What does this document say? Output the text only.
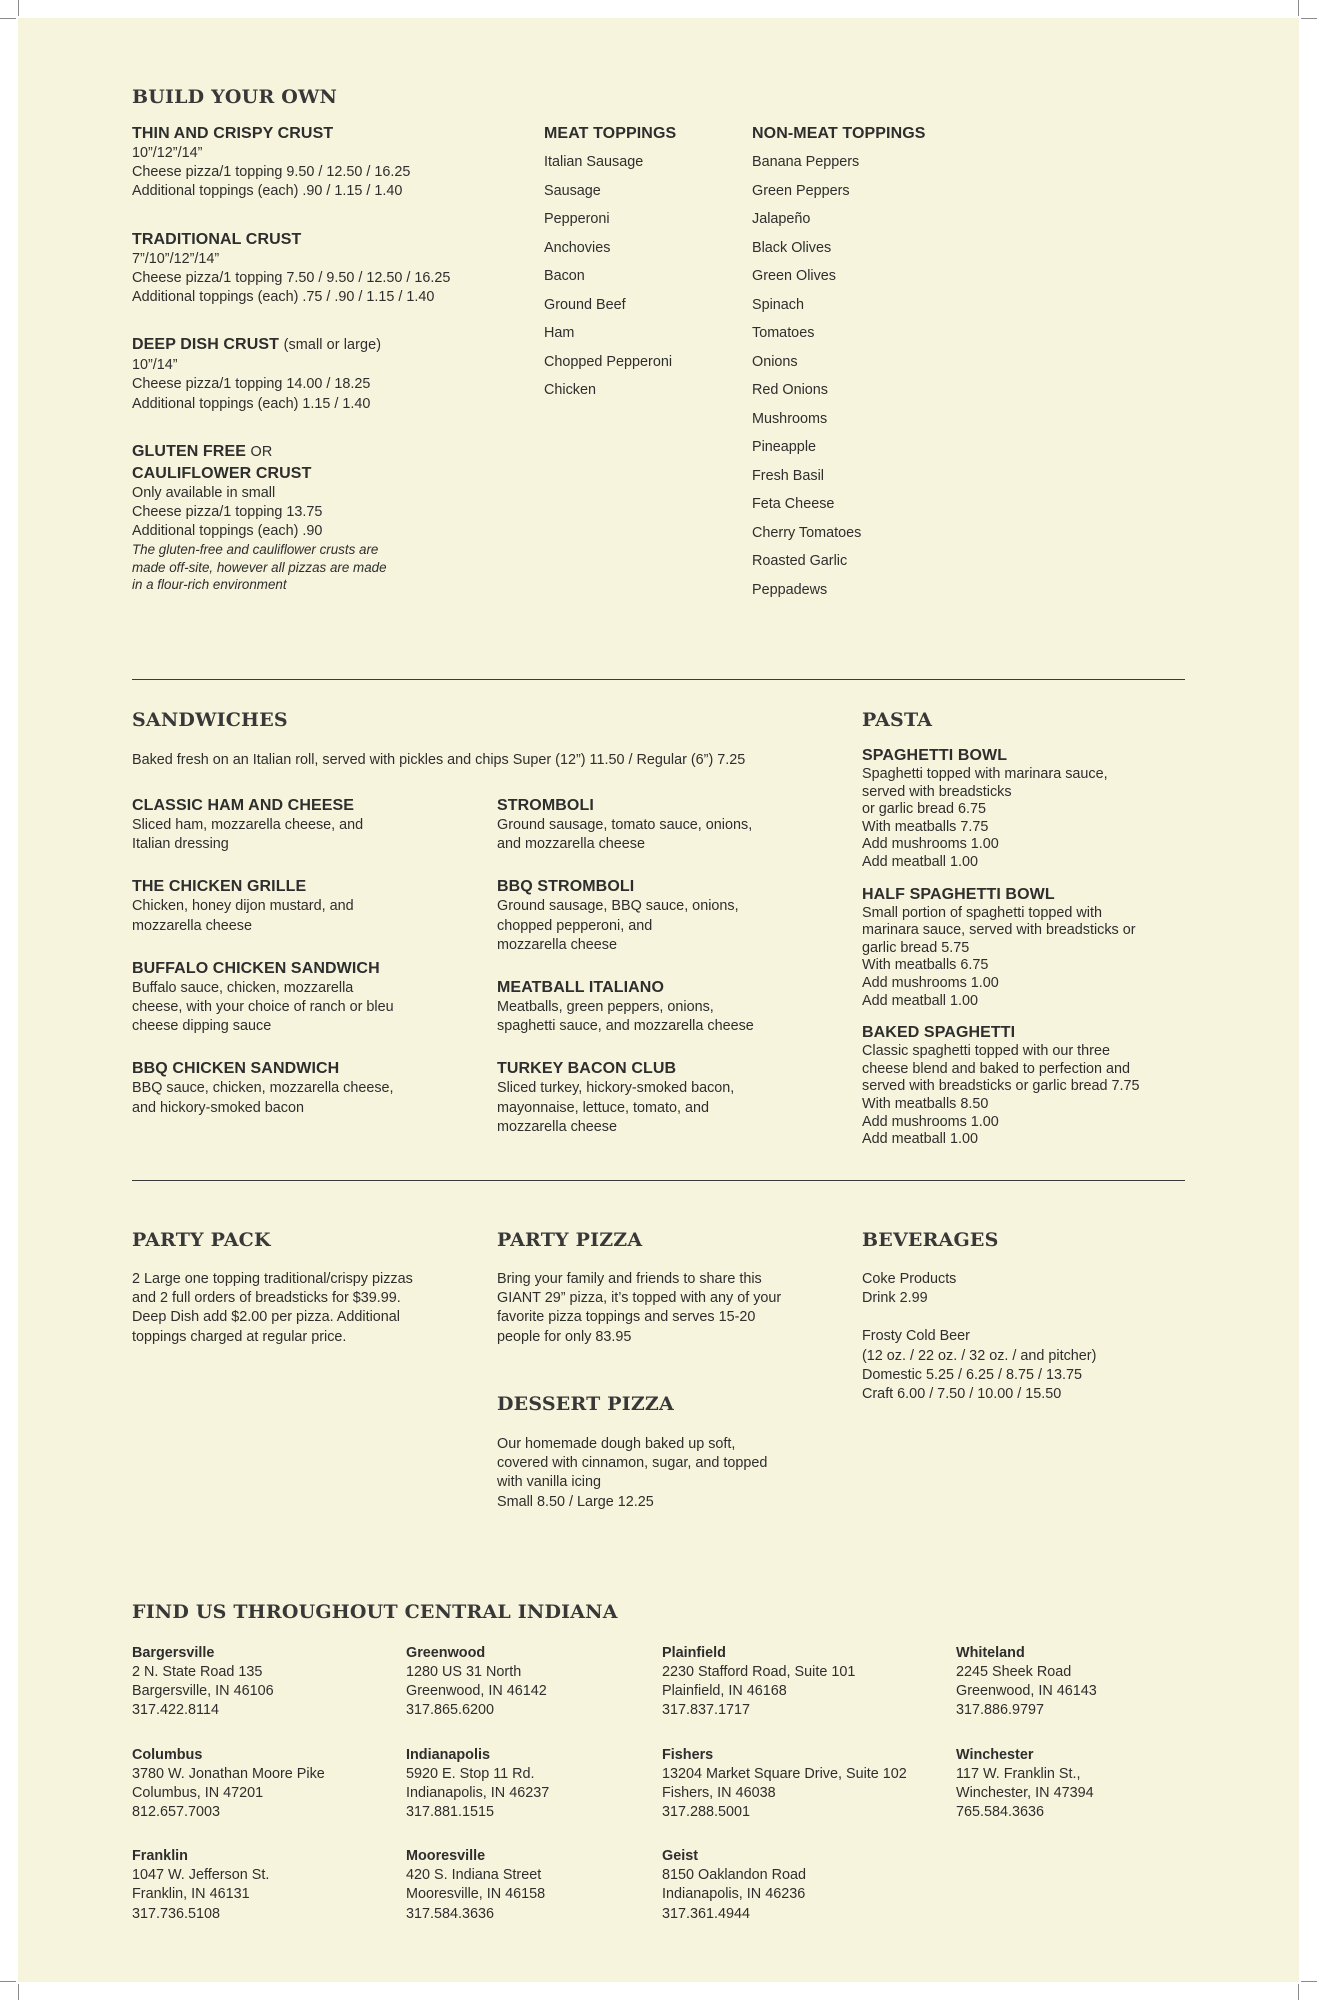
BUILD YOUR OWN
THIN AND CRISPY CRUST
10”/12”/14”
Cheese pizza/1 topping 9.50 / 12.50 / 16.25
Additional toppings (each) .90 / 1.15 / 1.40
TRADITIONAL CRUST
7”/10”/12”/14”
Cheese pizza/1 topping 7.50 / 9.50 / 12.50 / 16.25
Additional toppings (each) .75 / .90 / 1.15 / 1.40
DEEP DISH CRUST (small or large)
10”/14”
Cheese pizza/1 topping 14.00 / 18.25
Additional toppings (each) 1.15 / 1.40
GLUTEN FREE OR
CAULIFLOWER CRUST
Only available in small
Cheese pizza/1 topping 13.75
Additional toppings (each) .90
The gluten-free and cauliflower crusts are
made off-site, however all pizzas are made
in a flour-rich environment
MEAT TOPPINGS
Italian Sausage
Sausage
Pepperoni
Anchovies
Bacon
Ground Beef
Ham
Chopped Pepperoni
Chicken
NON-MEAT TOPPINGS
Banana Peppers
Green Peppers
Jalapeño
Black Olives
Green Olives
Spinach
Tomatoes
Onions
Red Onions
Mushrooms
Pineapple
Fresh Basil
Feta Cheese
Cherry Tomatoes
Roasted Garlic
Peppadews
SANDWICHES
Baked fresh on an Italian roll, served with pickles and chips Super (12”) 11.50 / Regular (6”) 7.25
CLASSIC HAM AND CHEESE
Sliced ham, mozzarella cheese, and
Italian dressing
THE CHICKEN GRILLE
Chicken, honey dijon mustard, and
mozzarella cheese
BUFFALO CHICKEN SANDWICH
Buffalo sauce, chicken, mozzarella
cheese, with your choice of ranch or bleu
cheese dipping sauce
BBQ CHICKEN SANDWICH
BBQ sauce, chicken, mozzarella cheese,
and hickory-smoked bacon
STROMBOLI
Ground sausage, tomato sauce, onions,
and mozzarella cheese
BBQ STROMBOLI
Ground sausage, BBQ sauce, onions,
chopped pepperoni, and
mozzarella cheese
MEATBALL ITALIANO
Meatballs, green peppers, onions,
spaghetti sauce, and mozzarella cheese
TURKEY BACON CLUB
Sliced turkey, hickory-smoked bacon,
mayonnaise, lettuce, tomato, and
mozzarella cheese
PASTA
SPAGHETTI BOWL
Spaghetti topped with marinara sauce,
served with breadsticks
or garlic bread 6.75
With meatballs 7.75
Add mushrooms 1.00
Add meatball 1.00
HALF SPAGHETTI BOWL
Small portion of spaghetti topped with
marinara sauce, served with breadsticks or
garlic bread 5.75
With meatballs 6.75
Add mushrooms 1.00
Add meatball 1.00
BAKED SPAGHETTI
Classic spaghetti topped with our three
cheese blend and baked to perfection and
served with breadsticks or garlic bread 7.75
With meatballs 8.50
Add mushrooms 1.00
Add meatball 1.00
PARTY PACK
2 Large one topping traditional/crispy pizzas
and 2 full orders of breadsticks for $39.99.
Deep Dish add $2.00 per pizza. Additional
toppings charged at regular price.
PARTY PIZZA
Bring your family and friends to share this
GIANT 29” pizza, it’s topped with any of your
favorite pizza toppings and serves 15-20
people for only 83.95
DESSERT PIZZA
Our homemade dough baked up soft,
covered with cinnamon, sugar, and topped
with vanilla icing
Small 8.50 / Large 12.25
BEVERAGES
Coke Products
Drink 2.99
Frosty Cold Beer
(12 oz. / 22 oz. / 32 oz. / and pitcher)
Domestic 5.25 / 6.25 / 8.75 / 13.75
Craft 6.00 / 7.50 / 10.00 / 15.50
FIND US THROUGHOUT CENTRAL INDIANA
Bargersville
2 N. State Road 135
Bargersville, IN 46106
317.422.8114
Columbus
3780 W. Jonathan Moore Pike
Columbus, IN 47201
812.657.7003
Franklin
1047 W. Jefferson St.
Franklin, IN 46131
317.736.5108
Greenwood
1280 US 31 North
Greenwood, IN 46142
317.865.6200
Indianapolis
5920 E. Stop 11 Rd.
Indianapolis, IN 46237
317.881.1515
Mooresville
420 S. Indiana Street
Mooresville, IN 46158
317.584.3636
Plainfield
2230 Stafford Road, Suite 101
Plainfield, IN 46168
317.837.1717
Fishers
13204 Market Square Drive, Suite 102
Fishers, IN 46038
317.288.5001
Geist
8150 Oaklandon Road
Indianapolis, IN 46236
317.361.4944
Whiteland
2245 Sheek Road
Greenwood, IN 46143
317.886.9797
Winchester
117 W. Franklin St.,
Winchester, IN 47394
765.584.3636
